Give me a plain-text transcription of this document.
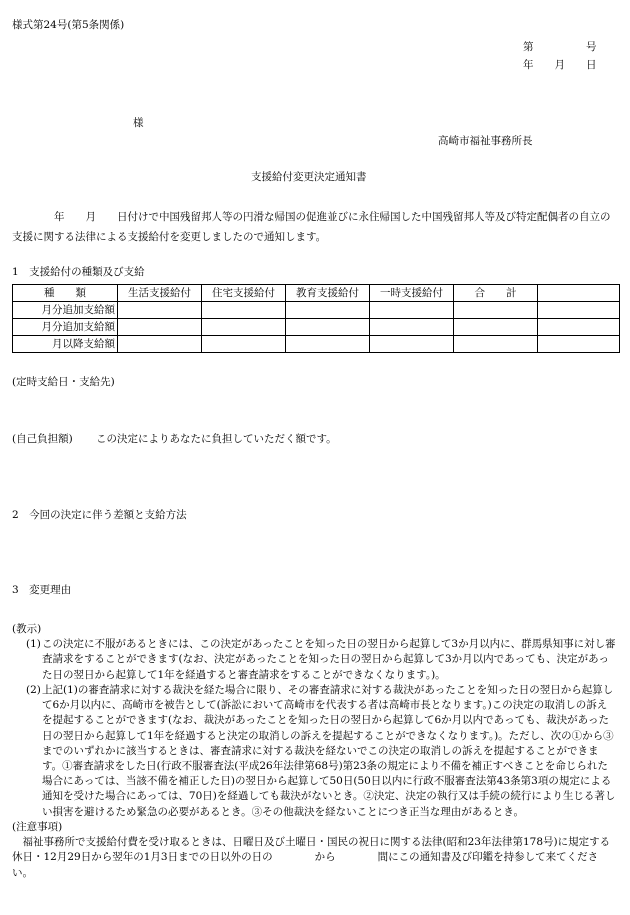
様式第24号(第5条関係)
第　　　　　号
年　　月　　日
様
高崎市福祉事務所長
支援給付変更決定通知書
　　　　年　　月　　日付けで中国残留邦人等の円滑な帰国の促進並びに永住帰国した中国残留邦人等及び特定配偶者の自立の支援に関する法律による支援給付を変更しましたので通知します。
1　支援給付の種類及び支給
種　　類	生活支援給付	住宅支援給付	教育支援給付	一時支援給付	合　　計	
月分追加支給額						
月分追加支給額						
月以降支給額						
(定時支給日・支給先)
(自己負担額) この決定によりあなたに負担していただく額です。
2　今回の決定に伴う差額と支給方法
3　変更理由

(教示)

(1) この決定に不服があるときには、この決定があったことを知った日の翌日から起算して3か月以内に、群馬県知事に対し審査請求をすることができます(なお、決定があったことを知った日の翌日から起算して3か月以内であっても、決定があった日の翌日から起算して1年を経過すると審査請求をすることができなくなります。)。

(2) 上記(1)の審査請求に対する裁決を経た場合に限り、その審査請求に対する裁決があったことを知った日の翌日から起算して6か月以内に、高崎市を被告として(訴訟において高崎市を代表する者は高崎市長となります。)この決定の取消しの訴えを提起することができます(なお、裁決があったことを知った日の翌日から起算して6か月以内であっても、裁決があった日の翌日から起算して1年を経過すると決定の取消しの訴えを提起することができなくなります。)。ただし、次の①から③までのいずれかに該当するときは、審査請求に対する裁決を経ないでこの決定の取消しの訴えを提起することができます。①審査請求をした日(行政不服審査法(平成26年法律第68号)第23条の規定により不備を補正すべきことを命じられた場合にあっては、当該不備を補正した日)の翌日から起算して50日(50日以内に行政不服審査法第43条第3項の規定による通知を受けた場合にあっては、70日)を経過しても裁決がないとき。②決定、決定の執行又は手続の続行により生じる著しい損害を避けるため緊急の必要があるとき。③その他裁決を経ないことにつき正当な理由があるとき。

(注意事項)

福祉事務所で支援給付費を受け取るときは、日曜日及び土曜日・国民の祝日に関する法律(昭和23年法律第178号)に規定する休日・12月29日から翌年の1月3日までの日以外の日の　　　　から　　　　間にこの通知書及び印鑑を持参して来てください。
